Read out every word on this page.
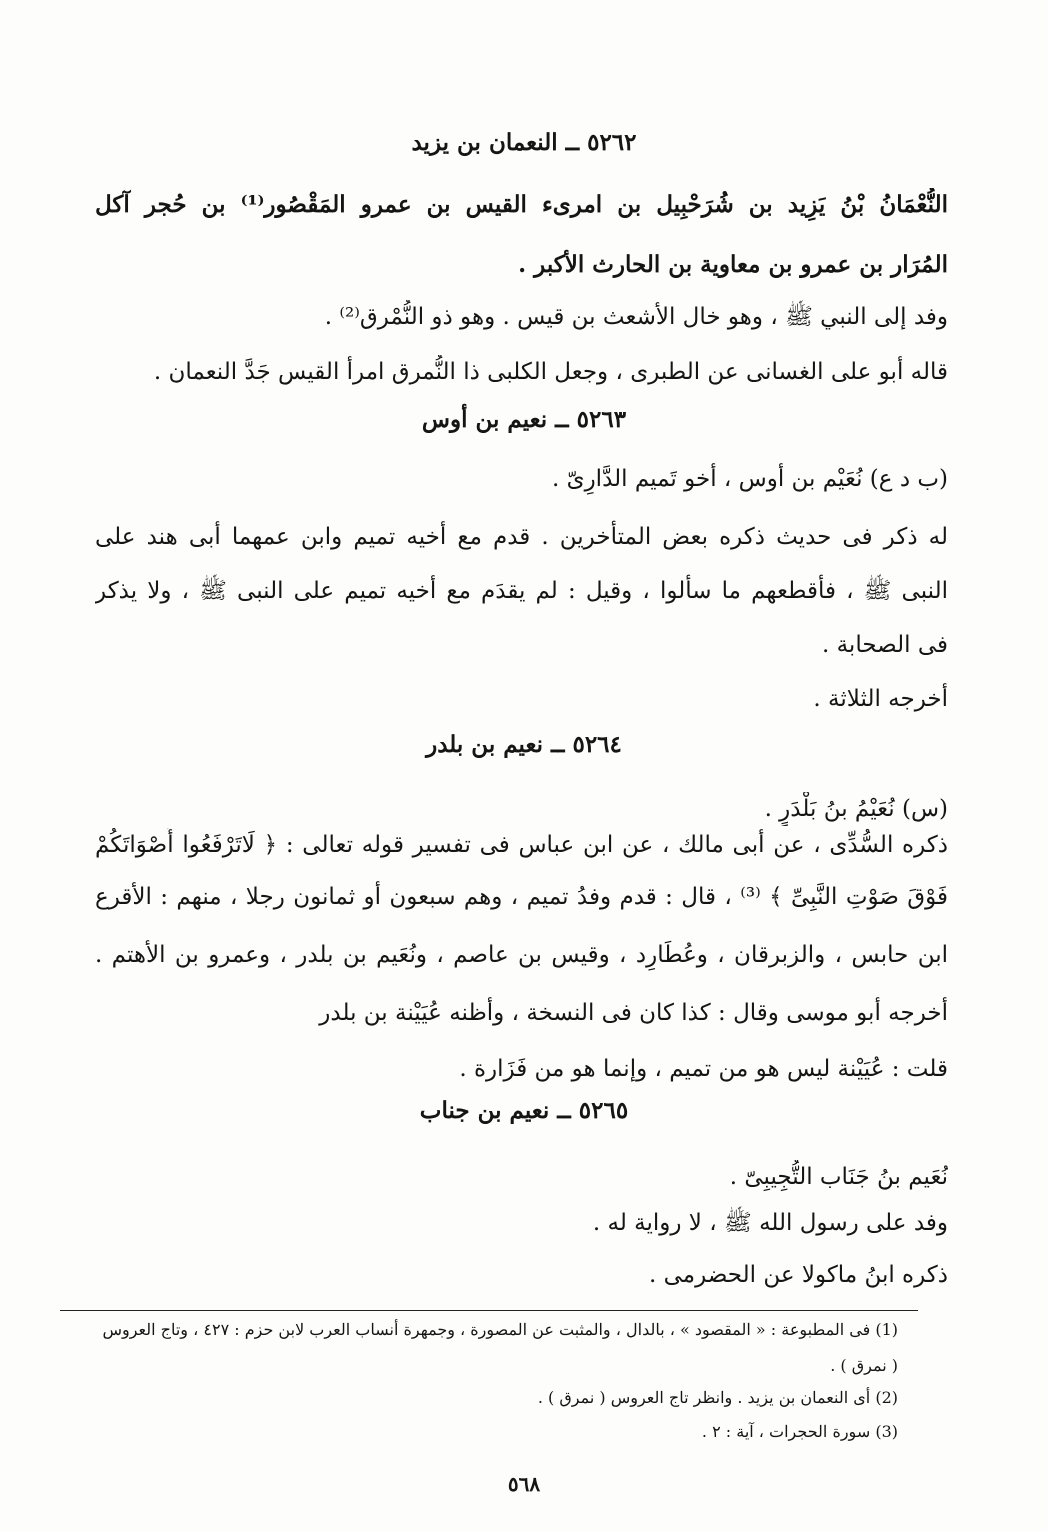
٥٢٦٢ ــ النعمان بن يزيد
النُّعْمَانُ بْنُ يَزِيد بن شُرَحْبِيل بن امرىء القيس بن عمرو المَقْصُور⁽¹⁾ بن حُجر آكل
المُرَار بن عمرو بن معاوية بن الحارث الأكبر .
وفد إلى النبي ﷺ ، وهو خال الأشعث بن قيس . وهو ذو النُّمْرق⁽²⁾ .
قاله أبو على الغسانى عن الطبرى ، وجعل الكلبى ذا النُّمرق امرأ القيس جَدَّ النعمان .
٥٢٦٣ ــ نعيم بن أوس
(ب د ع) نُعَيْم بن أوس ، أخو تَميم الدَّارِىّ .
له ذكر فى حديث ذكره بعض المتأخرين . قدم مع أخيه تميم وابن عمهما أبى هند على
النبى ﷺ ، فأقطعهم ما سألوا ، وقيل : لم يقدَم مع أخيه تميم على النبى ﷺ ، ولا يذكر
فى الصحابة .
أخرجه الثلاثة .
٥٢٦٤ ــ نعيم بن بلدر
(س) نُعَيْمُ بنُ بَلْدَرٍ .
ذكره السُّدِّى ، عن أبى مالك ، عن ابن عباس فى تفسير قوله تعالى : ﴿ لَاتَرْفَعُوا أَصْوَاتَكُمْ
فَوْقَ صَوْتِ النَّبِىِّ ﴾ ⁽³⁾ ، قال : قدم وفدُ تميم ، وهم سبعون أو ثمانون رجلا ، منهم : الأقرع
ابن حابس ، والزبرقان ، وعُطَارِد ، وقيس بن عاصم ، ونُعَيم بن بلدر ، وعمرو بن الأهتم .
أخرجه أبو موسى وقال : كذا كان فى النسخة ، وأظنه عُيَيْنة بن بلدر
قلت : عُيَيْنة ليس هو من تميم ، وإنما هو من فَزَارة .
٥٢٦٥ ــ نعيم بن جناب
نُعَيم بنُ جَنَاب التُّجِيبِىّ .
وفد على رسول الله ﷺ ، لا رواية له .
ذكره ابنُ ماكولا عن الحضرمى .
(1) فى المطبوعة : « المقصود » ، بالدال ، والمثبت عن المصورة ، وجمهرة أنساب العرب لابن حزم : ٤٢٧ ، وتاج العروس
( نمرق ) .
(2) أى النعمان بن يزيد . وانظر تاج العروس ( نمرق ) .
(3) سورة الحجرات ، آية : ٢ .
٥٦٨
